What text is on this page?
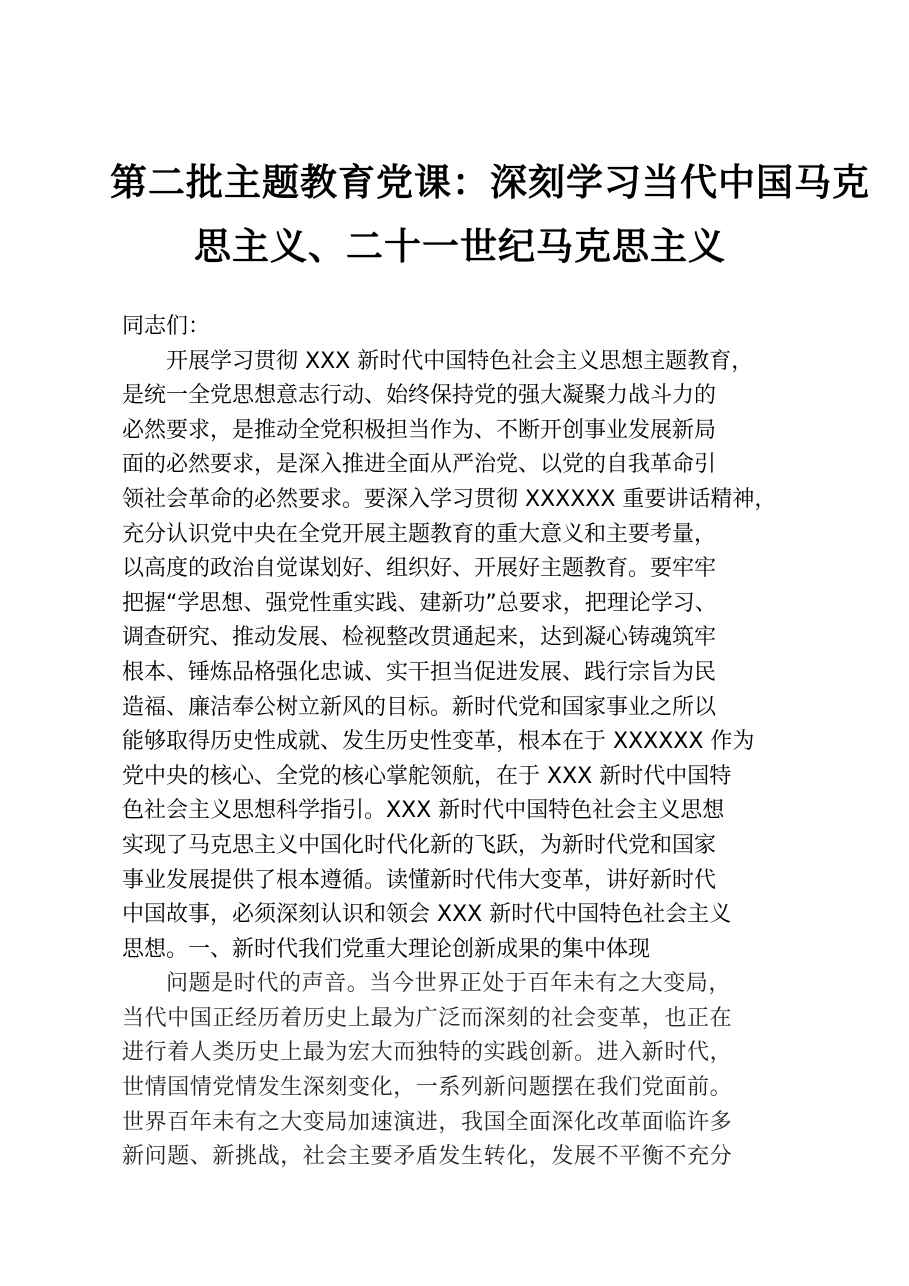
第二批主题教育党课：深刻学习当代中国马克
思主义、二十一世纪马克思主义
同志们：
开展学习贯彻 XXX 新时代中国特色社会主义思想主题教育，
是统一全党思想意志行动、始终保持党的强大凝聚力战斗力的
必然要求，是推动全党积极担当作为、不断开创事业发展新局
面的必然要求，是深入推进全面从严治党、以党的自我革命引
领社会革命的必然要求。要深入学习贯彻 XXXXXX 重要讲话精神，
充分认识党中央在全党开展主题教育的重大意义和主要考量，
以高度的政治自觉谋划好、组织好、开展好主题教育。要牢牢
把握“学思想、强党性重实践、建新功”总要求，把理论学习、
调查研究、推动发展、检视整改贯通起来，达到凝心铸魂筑牢
根本、锤炼品格强化忠诚、实干担当促进发展、践行宗旨为民
造福、廉洁奉公树立新风的目标。新时代党和国家事业之所以
能够取得历史性成就、发生历史性变革，根本在于 XXXXXX 作为
党中央的核心、全党的核心掌舵领航，在于 XXX 新时代中国特
色社会主义思想科学指引。XXX 新时代中国特色社会主义思想
实现了马克思主义中国化时代化新的飞跃，为新时代党和国家
事业发展提供了根本遵循。读懂新时代伟大变革，讲好新时代
中国故事，必须深刻认识和领会 XXX 新时代中国特色社会主义
思想。一、新时代我们党重大理论创新成果的集中体现
问题是时代的声音。当今世界正处于百年未有之大变局，
当代中国正经历着历史上最为广泛而深刻的社会变革，也正在
进行着人类历史上最为宏大而独特的实践创新。进入新时代，
世情国情党情发生深刻变化，一系列新问题摆在我们党面前。
世界百年未有之大变局加速演进，我国全面深化改革面临许多
新问题、新挑战，社会主要矛盾发生转化，发展不平衡不充分
